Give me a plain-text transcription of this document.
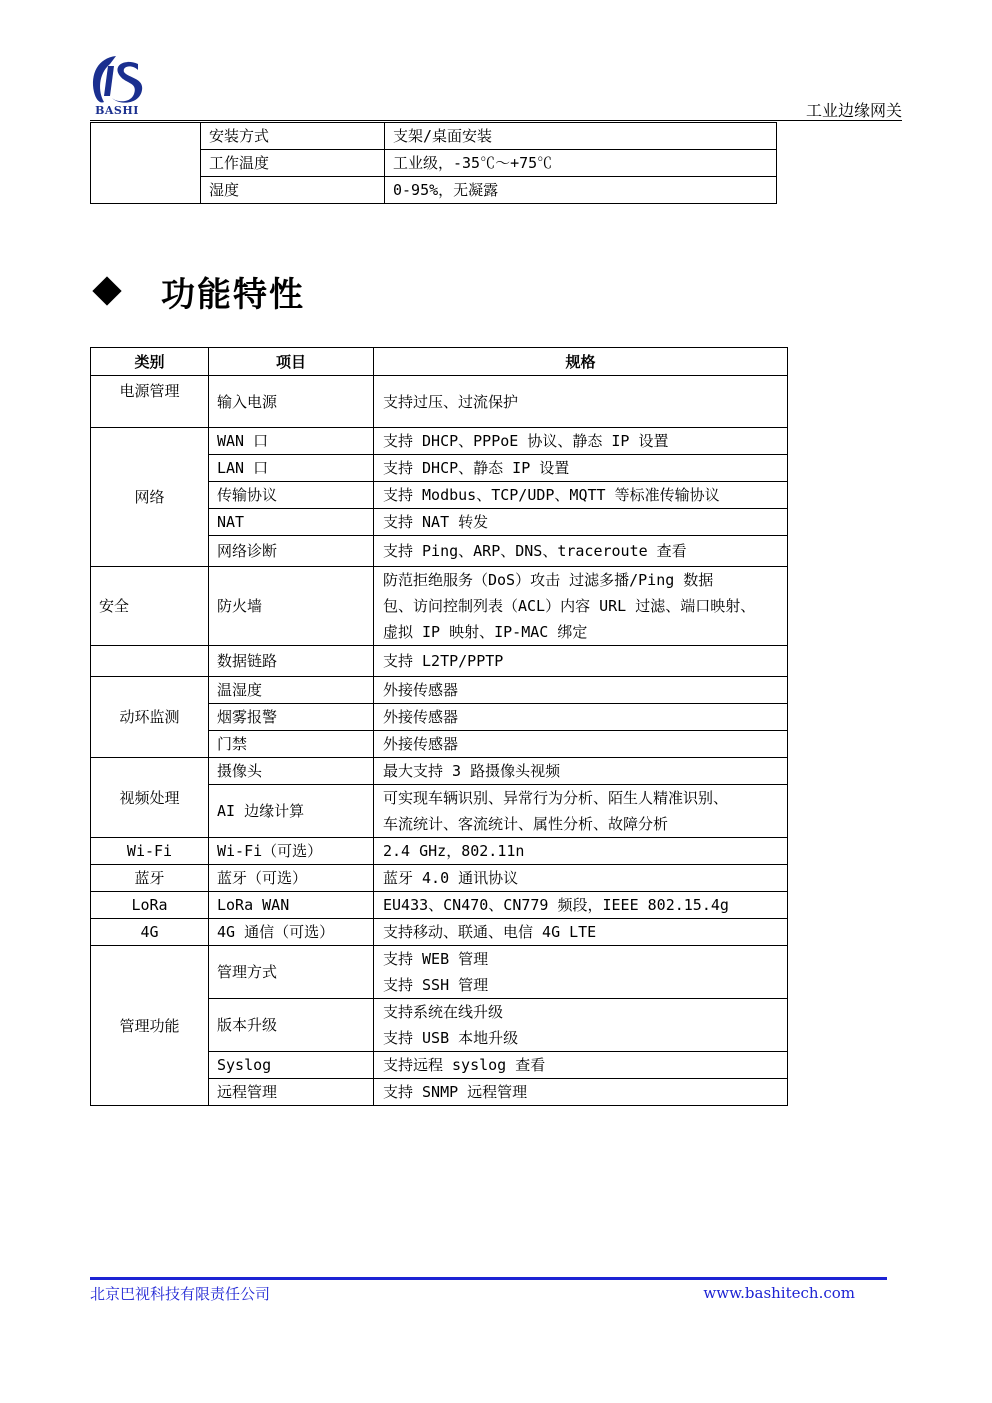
BASHI	工业边缘网关
	安装方式	支架/桌面安装
	工作温度	工业级，-35℃～+75℃
	湿度	0-95%，无凝露
功能特性
类别	项目	规格
电源管理	输入电源	支持过压、过流保护
网络	WAN 口	支持 DHCP、PPPoE 协议、静态 IP 设置
	LAN 口	支持 DHCP、静态 IP 设置
	传输协议	支持 Modbus、TCP/UDP、MQTT 等标准传输协议
	NAT	支持 NAT 转发
	网络诊断	支持 Ping、ARP、DNS、traceroute 查看
安全	防火墙	防范拒绝服务（DoS）攻击 过滤多播/Ping 数据
包、访问控制列表（ACL）内容 URL 过滤、端口映射、
虚拟 IP 映射、IP-MAC 绑定

	数据链路	支持 L2TP/PPTP
动环监测	温湿度	外接传感器
	烟雾报警	外接传感器
	门禁	外接传感器
视频处理	摄像头	最大支持 3 路摄像头视频
	AI 边缘计算	可实现车辆识别、异常行为分析、陌生人精准识别、
车流统计、客流统计、属性分析、故障分析

Wi-Fi	Wi-Fi（可选）	2.4 GHz，802.11n
蓝牙	蓝牙（可选）	蓝牙 4.0 通讯协议
LoRa	LoRa WAN	EU433、CN470、CN779 频段，IEEE 802.15.4g
4G	4G 通信（可选）	支持移动、联通、电信 4G LTE
管理功能	管理方式	支持 WEB 管理
支持 SSH 管理

	版本升级	支持系统在线升级
支持 USB 本地升级

	Syslog	支持远程 syslog 查看
	远程管理	支持 SNMP 远程管理
北京巴视科技有限责任公司	www.bashitech.com
